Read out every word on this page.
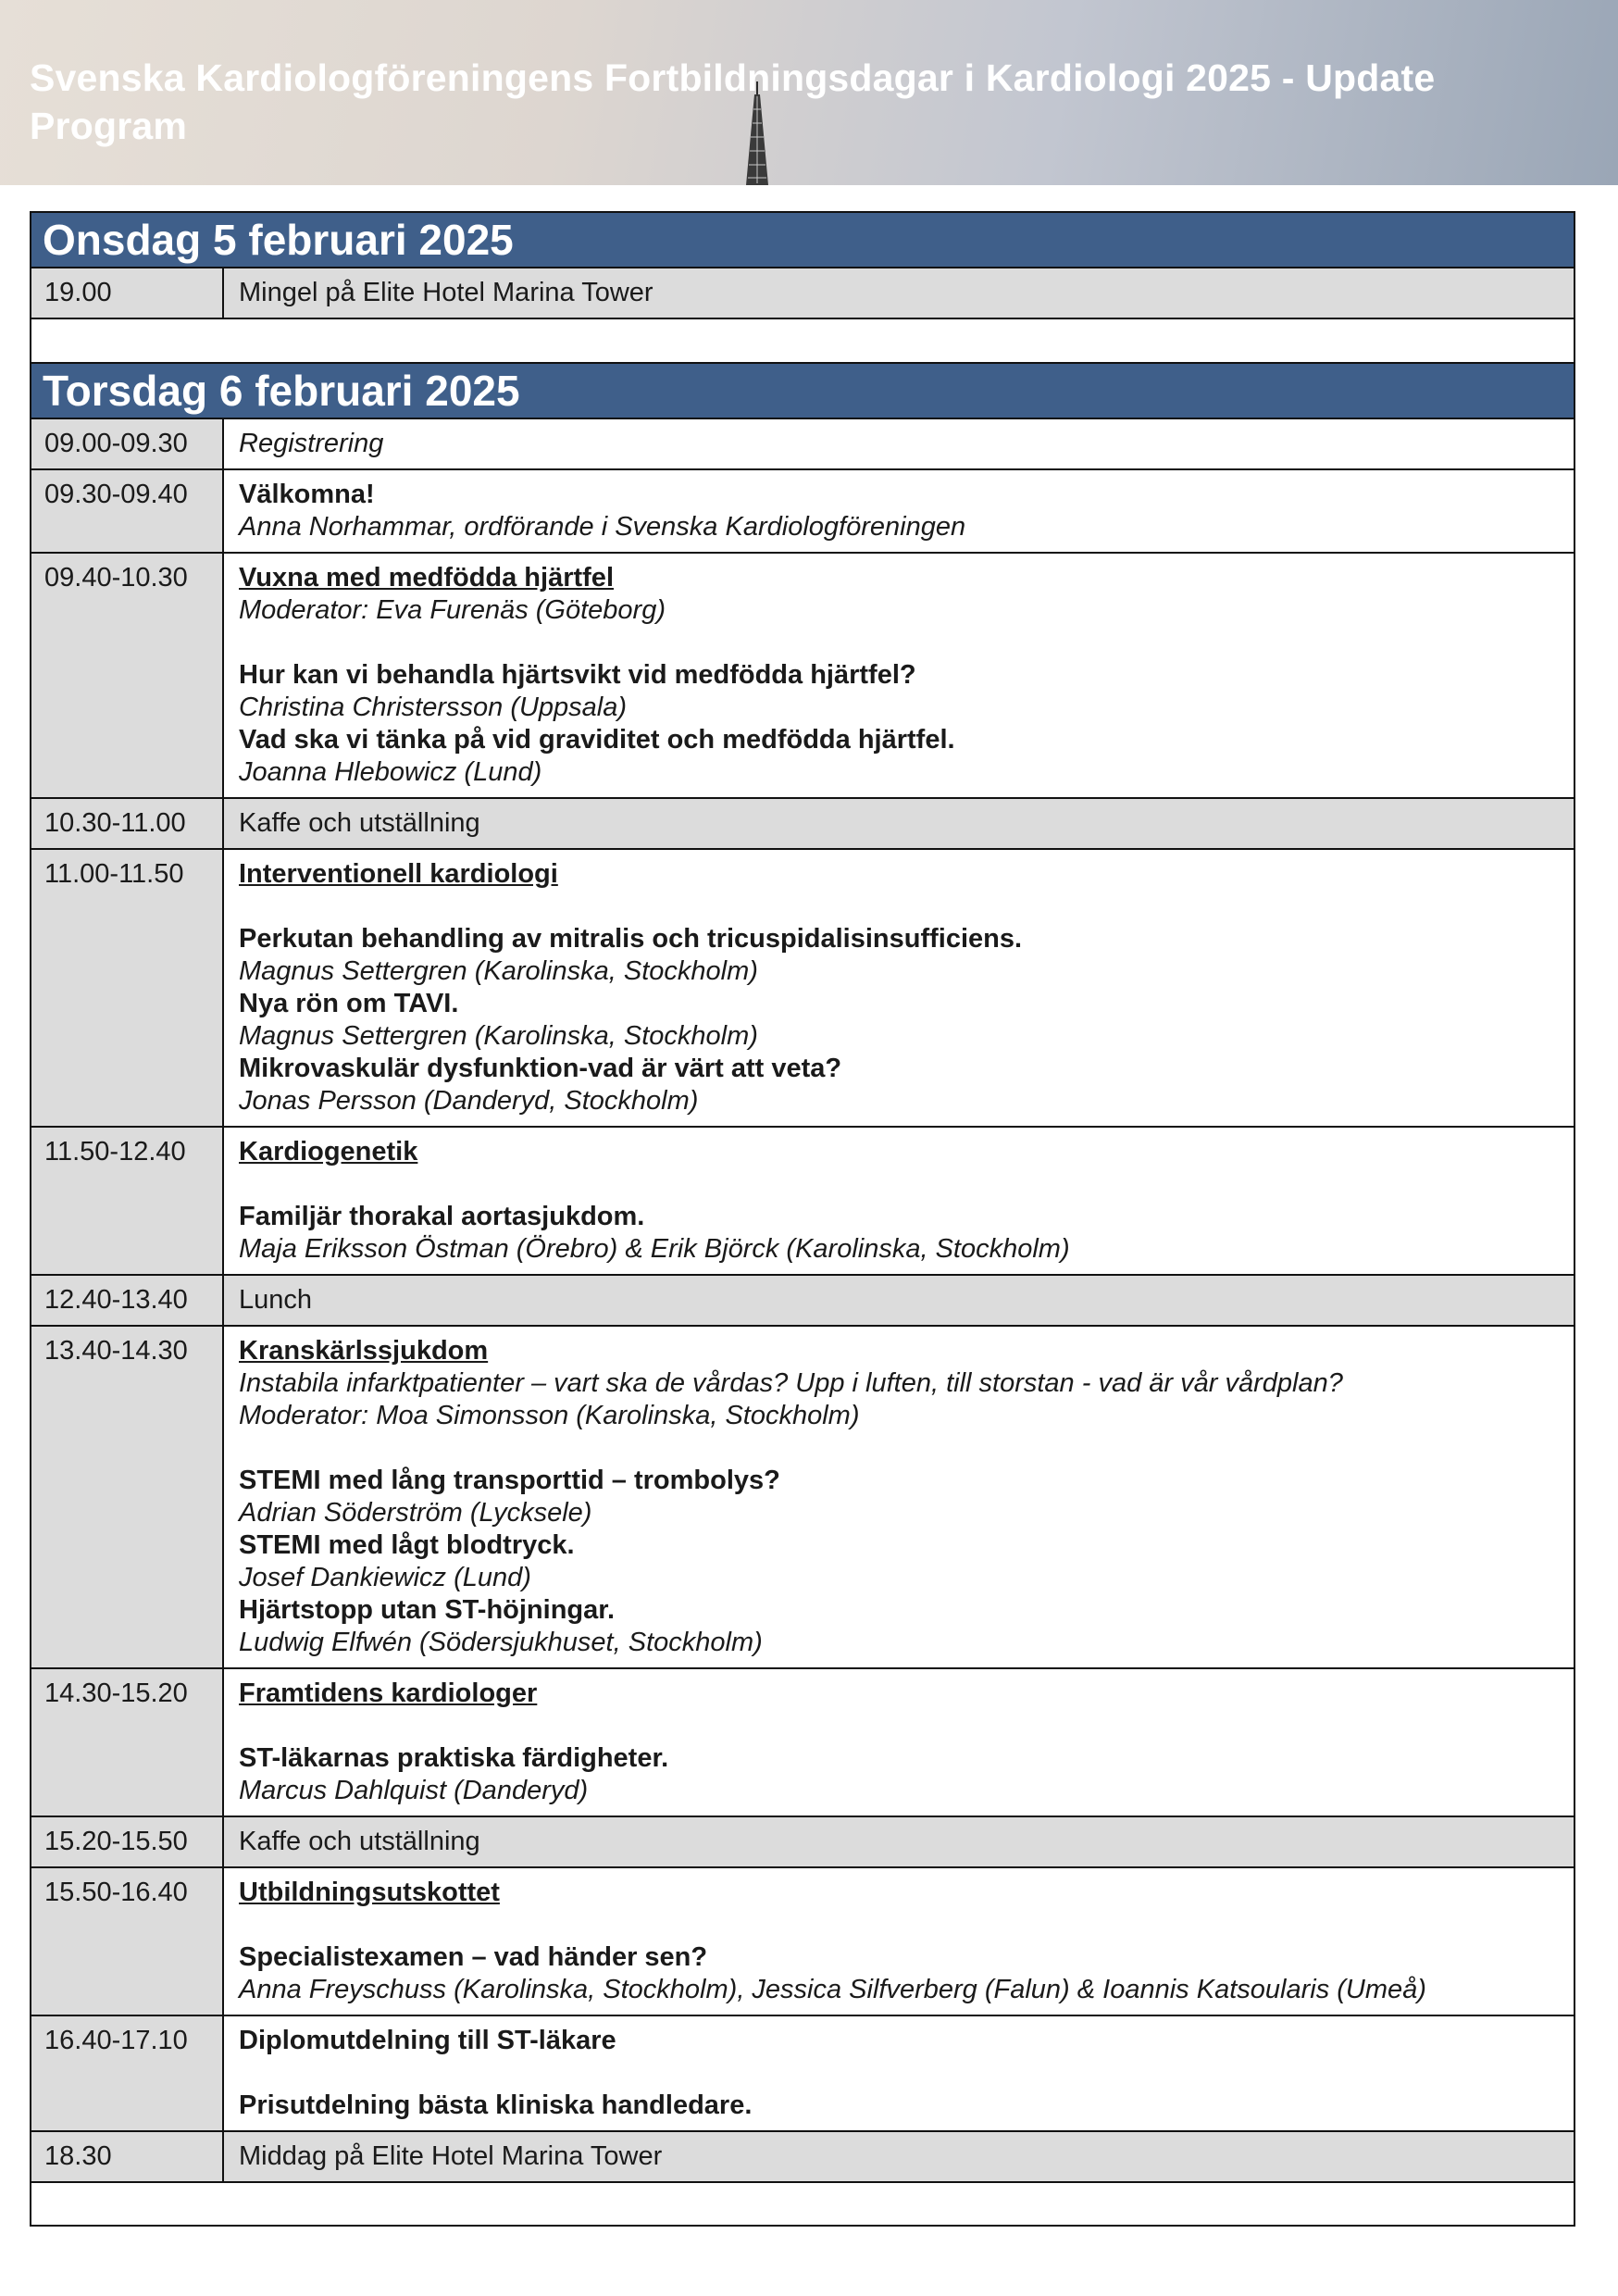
Svenska Kardiologföreningens Fortbildningsdagar i Kardiologi 2025 - Update Program
Onsdag 5 februari 2025
19.00	Mingel på Elite Hotel Marina Tower
Torsdag 6 februari 2025
09.00-09.30	Registrering
09.30-09.40	Välkomna!
Anna Norhammar, ordförande i Svenska Kardiologföreningen
09.40-10.30	Vuxna med medfödda hjärtfel
Moderator: Eva Furenäs (Göteborg)
Hur kan vi behandla hjärtsvikt vid medfödda hjärtfel?
Christina Christersson (Uppsala)
Vad ska vi tänka på vid graviditet och medfödda hjärtfel.
Joanna Hlebowicz (Lund)
10.30-11.00	Kaffe och utställning
11.00-11.50	Interventionell kardiologi
Perkutan behandling av mitralis och tricuspidalisinsufficiens.
Magnus Settergren (Karolinska, Stockholm)
Nya rön om TAVI.
Magnus Settergren (Karolinska, Stockholm)
Mikrovaskulär dysfunktion-vad är värt att veta?
Jonas Persson (Danderyd, Stockholm)
11.50-12.40	Kardiogenetik
Familjär thorakal aortasjukdom.
Maja Eriksson Östman (Örebro) & Erik Björck (Karolinska, Stockholm)
12.40-13.40	Lunch
13.40-14.30	Kranskärlssjukdom
Instabila infarktpatienter – vart ska de vårdas? Upp i luften, till storstan - vad är vår vårdplan?
Moderator: Moa Simonsson (Karolinska, Stockholm)
STEMI med lång transporttid – trombolys?
Adrian Söderström (Lycksele)
STEMI med lågt blodtryck.
Josef Dankiewicz (Lund)
Hjärtstopp utan ST-höjningar.
Ludwig Elfwén (Södersjukhuset, Stockholm)
14.30-15.20	Framtidens kardiologer
ST-läkarnas praktiska färdigheter.
Marcus Dahlquist (Danderyd)
15.20-15.50	Kaffe och utställning
15.50-16.40	Utbildningsutskottet
Specialistexamen – vad händer sen?
Anna Freyschuss (Karolinska, Stockholm), Jessica Silfverberg (Falun) & Ioannis Katsoularis (Umeå)
16.40-17.10	Diplomutdelning till ST-läkare
Prisutdelning bästa kliniska handledare.
18.30	Middag på Elite Hotel Marina Tower
